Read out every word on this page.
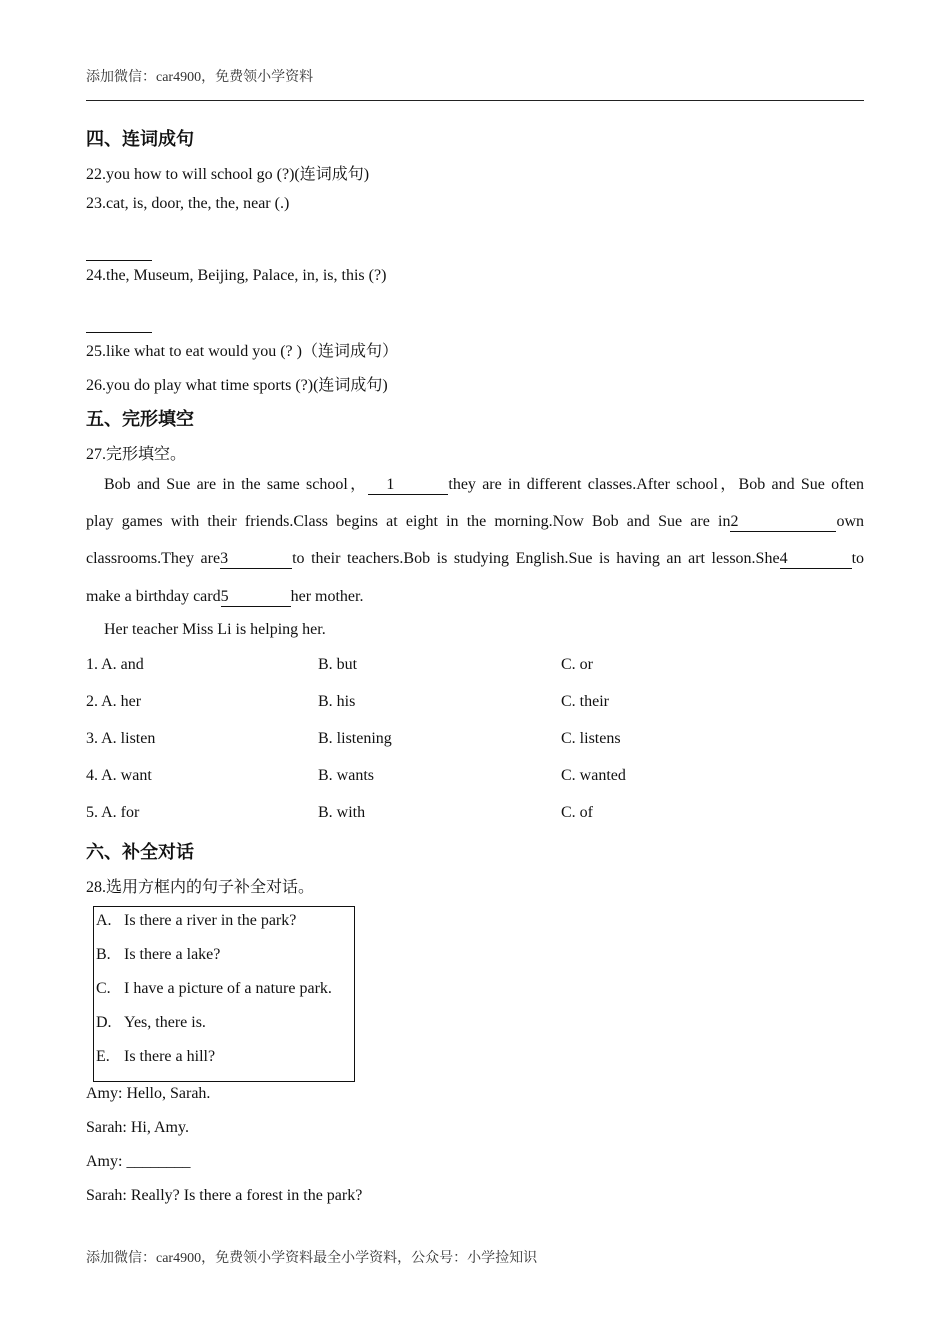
添加微信：car4900，免费领小学资料
四、连词成句
22.you how to will school go (?)(连词成句)
23.cat, is, door, the, the, near (.)
24.the, Museum, Beijing, Palace, in, is, this (?)
25.like what to eat would you (? )（连词成句）
26.you do play what time sports (?)(连词成句)
五、完形填空
27.完形填空。
Bob and Sue are in the same school， 1	they are in different classes.After school，Bob and Sue often
play games with their friends.Class begins at eight in the morning.Now Bob and Sue are in2	own
classrooms.They are3	to their teachers.Bob is studying English.Sue is having an art lesson.She4	to
make a birthday card5	her mother.
Her teacher Miss Li is helping her.
1. A. and	B. but	C. or
2. A. her	B. his	C. their
3. A. listen	B. listening	C. listens
4. A. want	B. wants	C. wanted
5. A. for	B. with	C. of
六、补全对话
28.选用方框内的句子补全对话。
A. Is there a river in the park?
B. Is there a lake?
C. I have a picture of a nature park.
D. Yes, there is.
E. Is there a hill?
Amy: Hello, Sarah.
Sarah: Hi, Amy.
Amy: ________
Sarah: Really? Is there a forest in the park?
添加微信：car4900，免费领小学资料最全小学资料，公众号：小学捡知识
